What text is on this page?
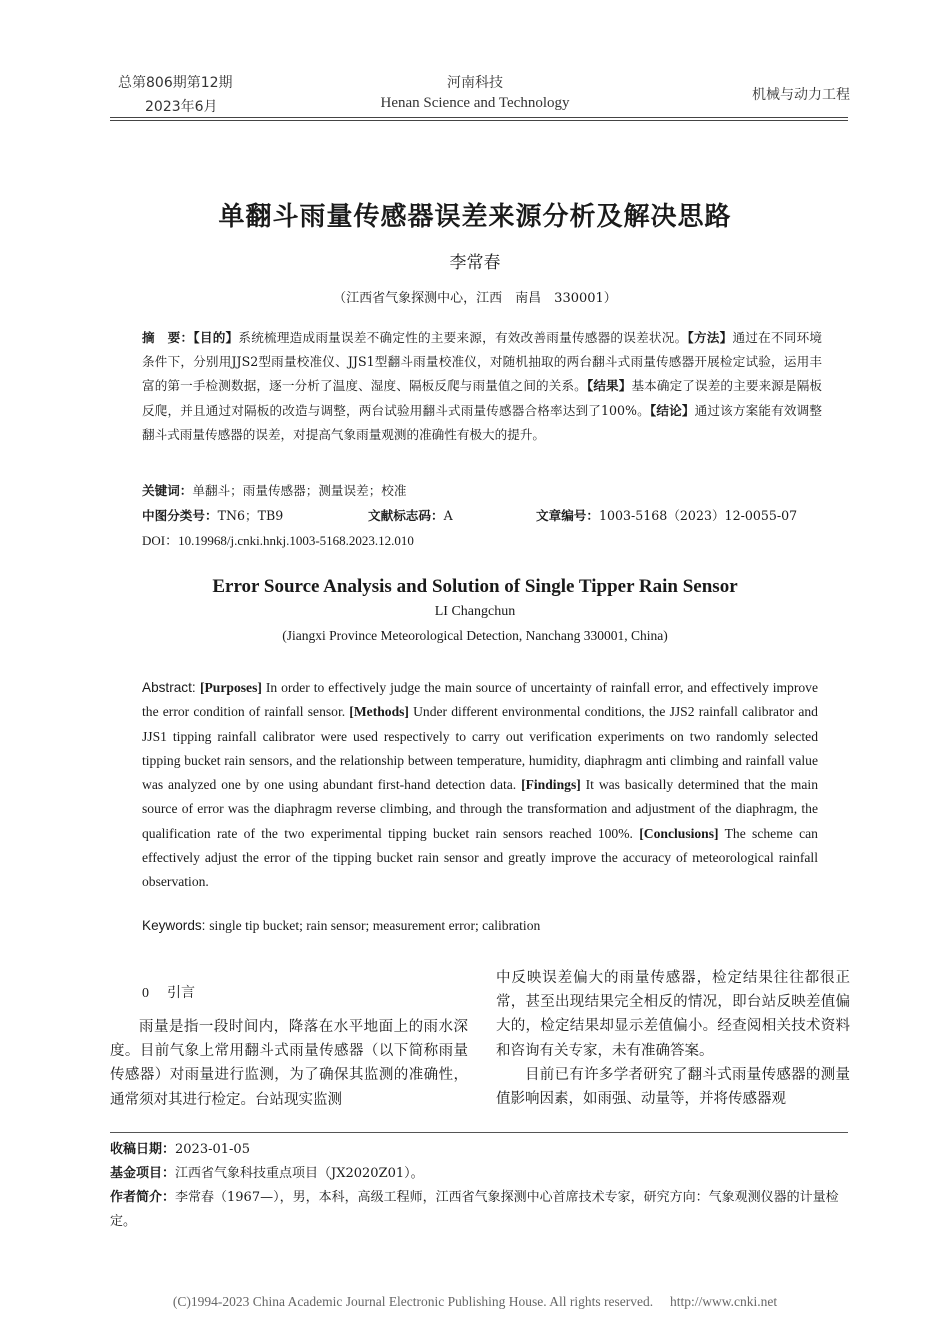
总第806期第12期
2023年6月
河南科技
Henan Science and Technology	机械与动力工程
单翻斗雨量传感器误差来源分析及解决思路
李常春
（江西省气象探测中心，江西　南昌　330001）
摘　要：【目的】系统梳理造成雨量误差不确定性的主要来源，有效改善雨量传感器的误差状况。【方法】通过在不同环境条件下，分别用JJS2型雨量校准仪、JJS1型翻斗雨量校准仪，对随机抽取的两台翻斗式雨量传感器开展检定试验，运用丰富的第一手检测数据，逐一分析了温度、湿度、隔板反爬与雨量值之间的关系。【结果】基本确定了误差的主要来源是隔板反爬，并且通过对隔板的改造与调整，两台试验用翻斗式雨量传感器合格率达到了100%。【结论】通过该方案能有效调整翻斗式雨量传感器的误差，对提高气象雨量观测的准确性有极大的提升。
关键词：单翻斗；雨量传感器；测量误差；校准
中图分类号：TN6；TB9	文献标志码：A	文章编号：1003-5168（2023）12-0055-07
DOI：10.19968/j.cnki.hnkj.1003-5168.2023.12.010
Error Source Analysis and Solution of Single Tipper Rain Sensor
LI Changchun
(Jiangxi Province Meteorological Detection, Nanchang 330001, China)
Abstract: [Purposes] In order to effectively judge the main source of uncertainty of rainfall error, and effectively improve the error condition of rainfall sensor. [Methods] Under different environmental conditions, the JJS2 rainfall calibrator and JJS1 tipping rainfall calibrator were used respectively to carry out verification experiments on two randomly selected tipping bucket rain sensors, and the relationship between temperature, humidity, diaphragm anti climbing and rainfall value was analyzed one by one using abundant first-hand detection data. [Findings] It was basically determined that the main source of error was the diaphragm reverse climbing, and through the transformation and adjustment of the diaphragm, the qualification rate of the two experimental tipping bucket rain sensors reached 100%. [Conclusions] The scheme can effectively adjust the error of the tipping bucket rain sensor and greatly improve the accuracy of meteorological rainfall observation.
Keywords: single tip bucket; rain sensor; measurement error; calibration
0 引言
雨量是指一段时间内，降落在水平地面上的雨水深度。目前气象上常用翻斗式雨量传感器（以下简称雨量传感器）对雨量进行监测，为了确保其监测的准确性，通常须对其进行检定。台站现实监测
中反映误差偏大的雨量传感器，检定结果往往都很正常，甚至出现结果完全相反的情况，即台站反映差值偏大的，检定结果却显示差值偏小。经查阅相关技术资料和咨询有关专家，未有准确答案。
目前已有许多学者研究了翻斗式雨量传感器的测量值影响因素，如雨强、动量等，并将传感器观
收稿日期：2023-01-05
基金项目：江西省气象科技重点项目（JX2020Z01）。
作者简介：李常春（1967—），男，本科，高级工程师，江西省气象探测中心首席技术专家，研究方向：气象观测仪器的计量检定。
(C)1994-2023 China Academic Journal Electronic Publishing House. All rights reserved.　 http://www.cnki.net
